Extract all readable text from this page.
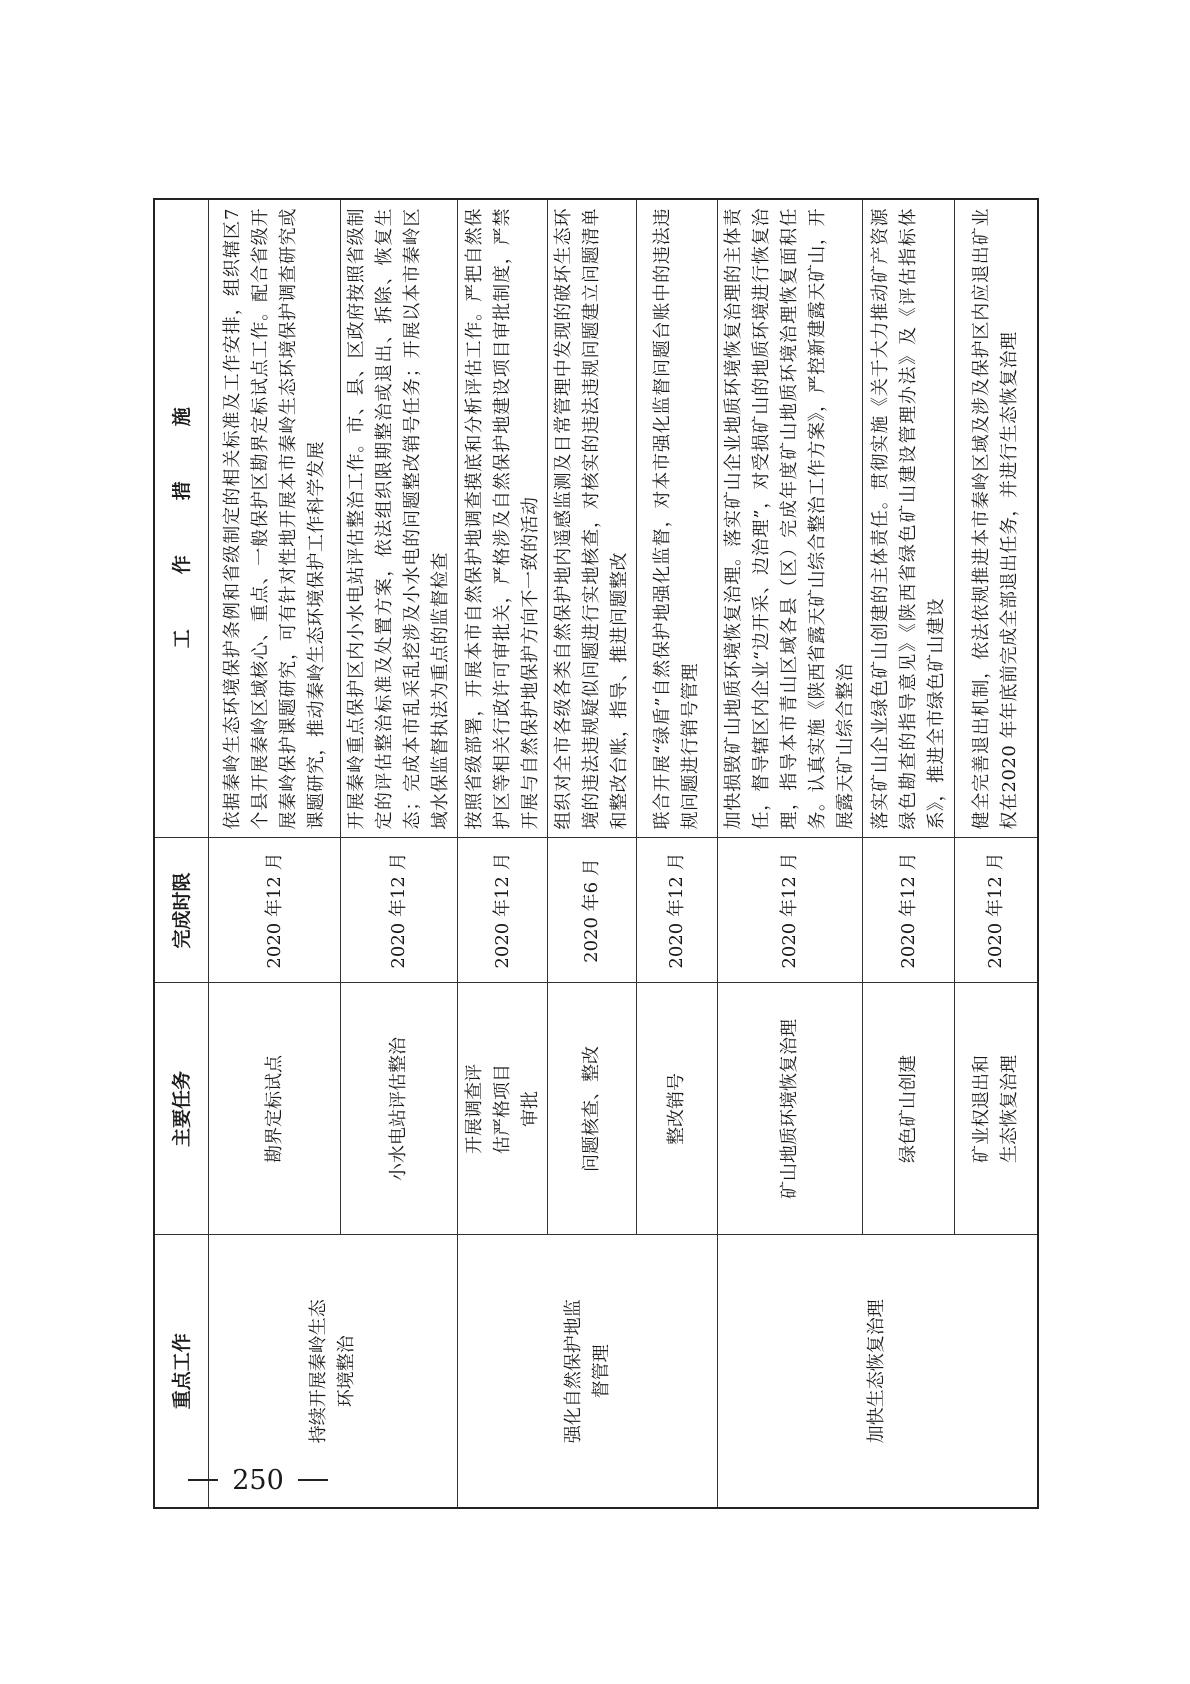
重点工作	主要任务	完成时限	工　作　措　施
持续开展秦岭生态环境整治	勘界定标试点	2020 年12 月	依据秦岭生态环境保护条例和省级制定的相关标准及工作安排，组织辖区7 个县开展秦岭区域核心、重点、一般保护区勘界定标试点工作。配合省级开展秦岭保护课题研究，可有针对性地开展本市秦岭生态环境保护调查研究或课题研究，推动秦岭生态环境保护工作科学发展
	小水电站评估整治	2020 年12 月	开展秦岭重点保护区内小水电站评估整治工作。市、县、区政府按照省级制定的评估整治标准及处置方案，依法组织限期整治或退出、拆除、恢复生态；完成本市乱采乱挖涉及小水电的问题整改销号任务；开展以本市秦岭区域水保监督执法为重点的监督检查
强化自然保护地监督管理	开展调查评估严格项目审批	2020 年12 月	按照省级部署，开展本市自然保护地调查摸底和分析评估工作。严把自然保护区等相关行政许可审批关，严格涉及自然保护地建设项目审批制度，严禁开展与自然保护地保护方向不一致的活动
	问题核查、整改	2020 年6 月	组织对全市各级各类自然保护地内遥感监测及日常管理中发现的破坏生态环境的违法违规疑似问题进行实地核查，对核实的违法违规问题建立问题清单和整改台账，指导、推进问题整改
	整改销号	2020 年12 月	联合开展“绿盾”自然保护地强化监督，对本市强化监督问题台账中的违法违规问题进行销号管理
加快生态恢复治理	矿山地质环境恢复治理	2020 年12 月	加快损毁矿山地质环境恢复治理。落实矿山企业地质环境恢复治理的主体责任，督导辖区内企业“边开采、边治理”，对受损矿山的地质环境进行恢复治理，指导本市青山区域各县（区）完成年度矿山地质环境治理恢复面积任务。认真实施《陕西省露天矿山综合整治工作方案》，严控新建露天矿山，开展露天矿山综合整治
	绿色矿山创建	2020 年12 月	落实矿山企业绿色矿山创建的主体责任。贯彻实施《关于大力推动矿产资源绿色勘查的指导意见》《陕西省绿色矿山建设管理办法》及《评估指标体系》，推进全市绿色矿山建设
	矿业权退出和生态恢复治理	2020 年12 月	健全完善退出机制，依法依规推进本市秦岭区域及涉及保护区内应退出矿业权在2020 年年底前完成全部退出任务，并进行生态恢复治理
250
